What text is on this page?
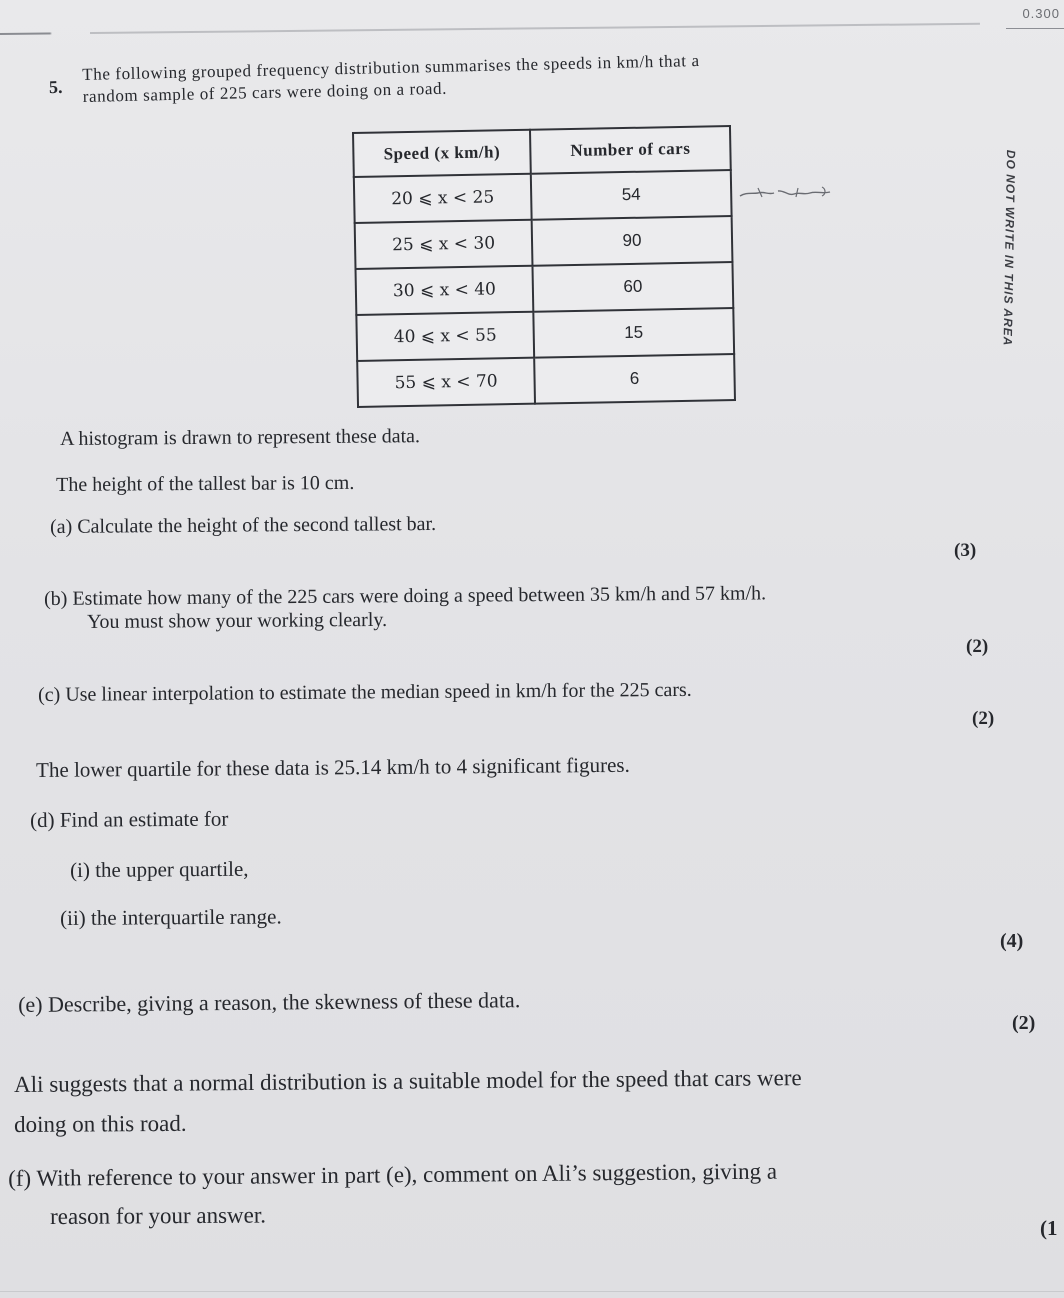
0.300
5.
The following grouped frequency distribution summarises the speeds in km/h that a
random sample of 225 cars were doing on a road.
Speed (x km/h)	Number of cars
20 ⩽ x < 25	54
25 ⩽ x < 30	90
30 ⩽ x < 40	60
40 ⩽ x < 55	15
55 ⩽ x < 70	6
DO NOT WRITE IN THIS AREA
A histogram is drawn to represent these data.
The height of the tallest bar is 10 cm.
(a) Calculate the height of the second tallest bar.
(3)
(b) Estimate how many of the 225 cars were doing a speed between 35 km/h and 57 km/h.
You must show your working clearly.
(2)
(c) Use linear interpolation to estimate the median speed in km/h for the 225 cars.
(2)
The lower quartile for these data is 25.14 km/h to 4 significant figures.
(d) Find an estimate for
(i) the upper quartile,
(ii) the interquartile range.
(4)
(e) Describe, giving a reason, the skewness of these data.
(2)
Ali suggests that a normal distribution is a suitable model for the speed that cars were
doing on this road.
(f) With reference to your answer in part (e), comment on Ali’s suggestion, giving a
reason for your answer.	(1
